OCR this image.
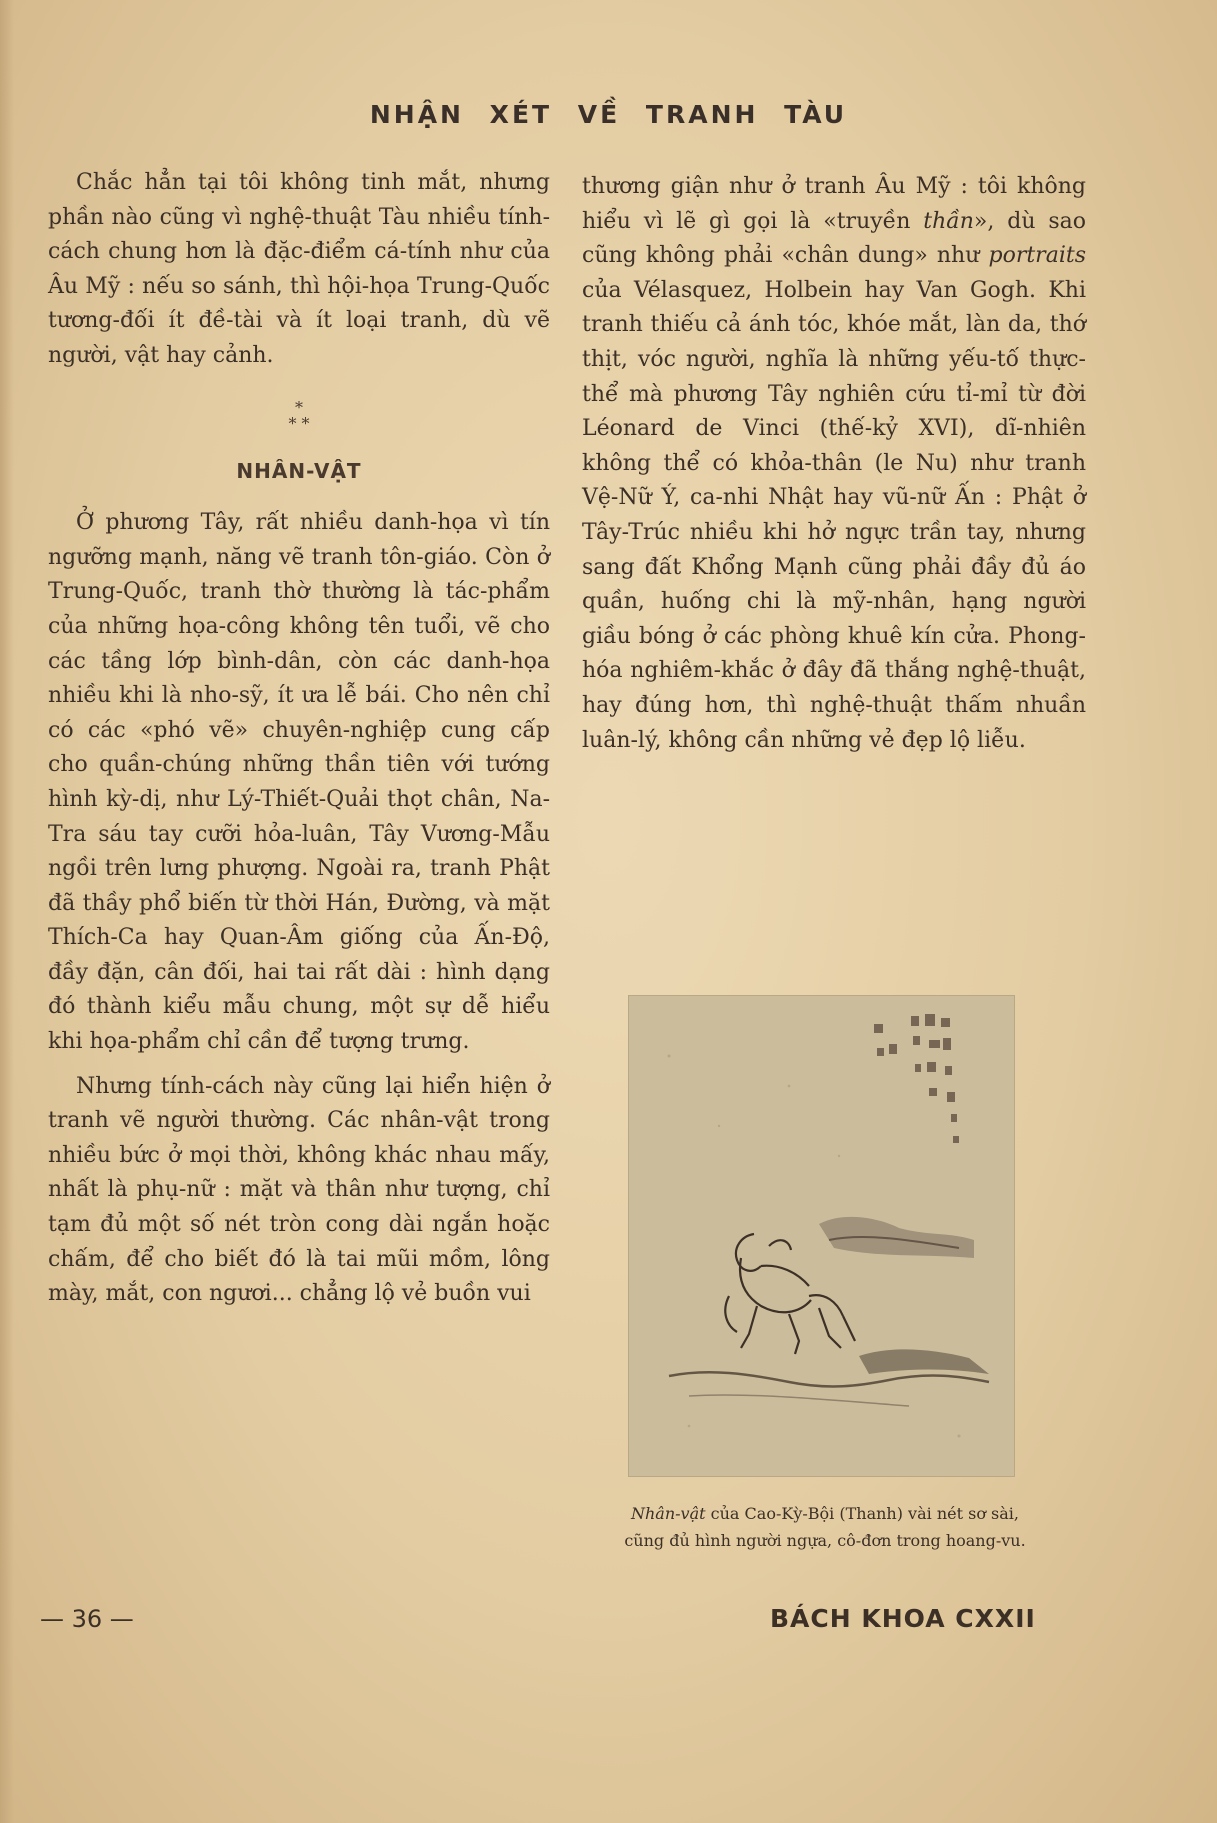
NHẬN XÉT VỀ TRANH TÀU

Chắc hẳn tại tôi không tinh mắt, nhưng phần nào cũng vì nghệ-thuật Tàu nhiều tính-cách chung hơn là đặc-điểm cá-tính như của Âu Mỹ : nếu so sánh, thì hội-họa Trung-Quốc tương-đối ít đề-tài và ít loại tranh, dù vẽ người, vật hay cảnh.

*
* *
NHÂN-VẬT

Ở phương Tây, rất nhiều danh-họa vì tín ngưỡng mạnh, năng vẽ tranh tôn-giáo. Còn ở Trung-Quốc, tranh thờ thường là tác-phẩm của những họa-công không tên tuổi, vẽ cho các tầng lớp bình-dân, còn các danh-họa nhiều khi là nho-sỹ, ít ưa lễ bái. Cho nên chỉ có các «phó vẽ» chuyên-nghiệp cung cấp cho quần-chúng những thần tiên với tướng hình kỳ-dị, như Lý-Thiết-Quải thọt chân, Na-Tra sáu tay cưỡi hỏa-luân, Tây Vương-Mẫu ngồi trên lưng phượng. Ngoài ra, tranh Phật đã thầy phổ biến từ thời Hán, Đường, và mặt Thích-Ca hay Quan-Âm giống của Ấn-Độ, đầy đặn, cân đối, hai tai rất dài : hình dạng đó thành kiểu mẫu chung, một sự dễ hiểu khi họa-phẩm chỉ cần để tượng trưng.

Nhưng tính-cách này cũng lại hiển hiện ở tranh vẽ người thường. Các nhân-vật trong nhiều bức ở mọi thời, không khác nhau mấy, nhất là phụ-nữ : mặt và thân như tượng, chỉ tạm đủ một số nét tròn cong dài ngắn hoặc chấm, để cho biết đó là tai mũi mồm, lông mày, mắt, con ngươi... chẳng lộ vẻ buồn vui

thương giận như ở tranh Âu Mỹ : tôi không hiểu vì lẽ gì gọi là «truyền thần», dù sao cũng không phải «chân dung» như portraits của Vélasquez, Holbein hay Van Gogh. Khi tranh thiếu cả ánh tóc, khóe mắt, làn da, thớ thịt, vóc người, nghĩa là những yếu-tố thực-thể mà phương Tây nghiên cứu tỉ-mỉ từ đời Léonard de Vinci (thế-kỷ XVI), dĩ-nhiên không thể có khỏa-thân (le Nu) như tranh Vệ-Nữ Ý, ca-nhi Nhật hay vũ-nữ Ấn : Phật ở Tây-Trúc nhiều khi hở ngực trần tay, nhưng sang đất Khổng Mạnh cũng phải đầy đủ áo quần, huống chi là mỹ-nhân, hạng người giầu bóng ở các phòng khuê kín cửa. Phong-hóa nghiêm-khắc ở đây đã thắng nghệ-thuật, hay đúng hơn, thì nghệ-thuật thấm nhuần luân-lý, không cần những vẻ đẹp lộ liễu.

Nhân-vật của Cao-Kỳ-Bội (Thanh) vài nét sơ sài, cũng đủ hình người ngựa, cô-đơn trong hoang-vu.
— 36 —	BÁCH KHOA CXXII
